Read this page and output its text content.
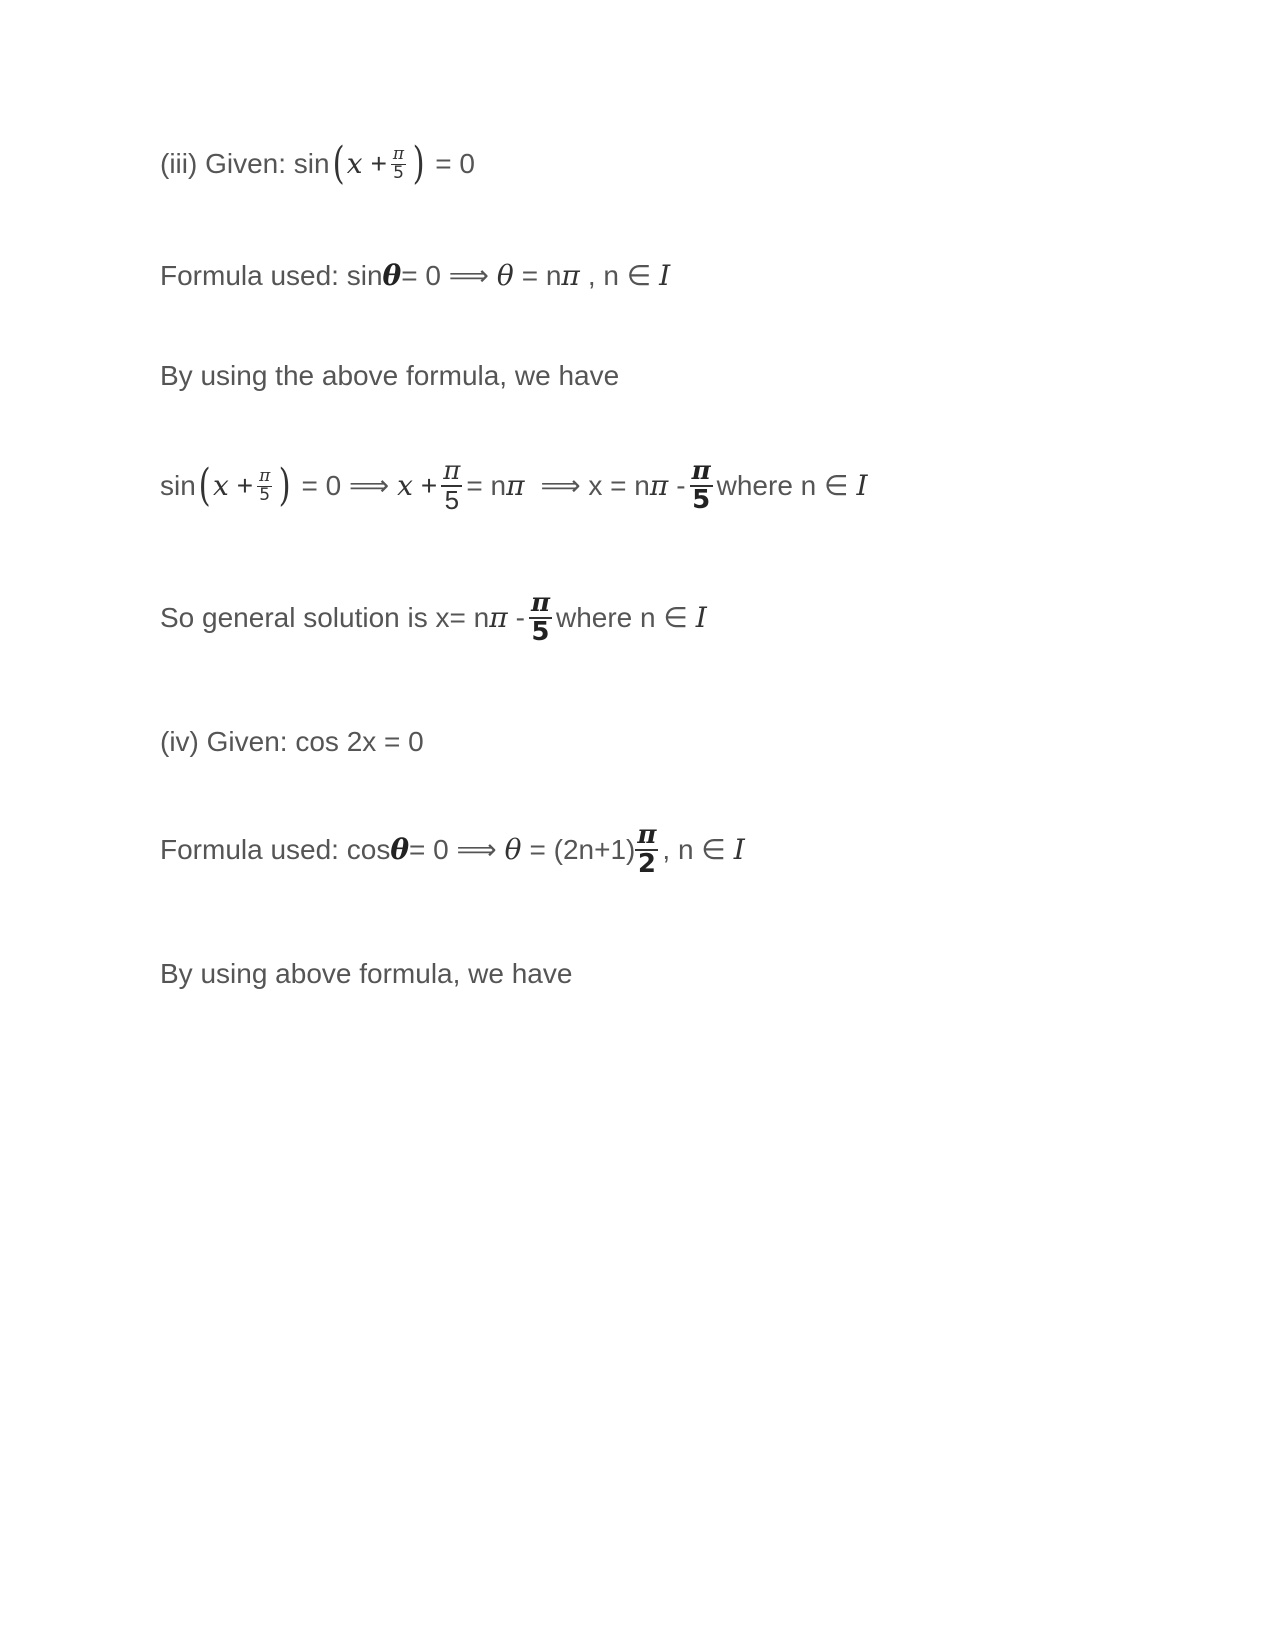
(iii) Given: sin ( $x + \frac{\pi}{5}$ ) = 0
Formula used: sin θ = 0 ⟹ θ = n π , n ∈ I
By using the above formula, we have
sin ( $x + \frac{\pi}{5}$ ) = 0 ⟹ $x + \frac{\pi}{5} = n$ π ⟹ x = n π - $\frac{\pi}{5}$ where n ∈ I
So general solution is x= n π - $\frac{\pi}{5}$ where n ∈ I
(iv) Given: cos 2x = 0
Formula used: cos θ = 0 ⟹ $\theta = (2n+1) \frac{\pi}{2}$ , n ∈ I
By using above formula, we have
